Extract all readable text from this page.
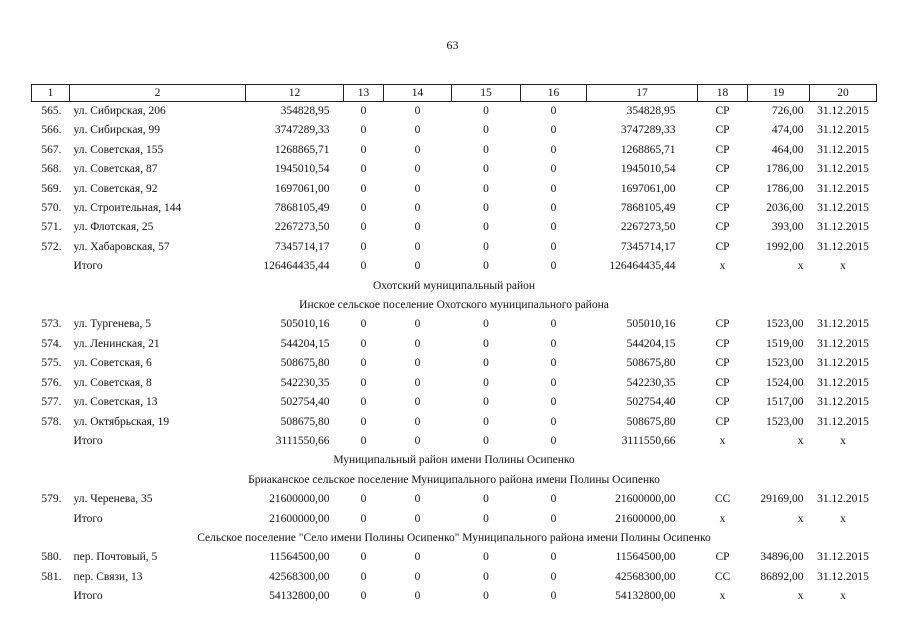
63
1	2	12	13	14	15	16	17	18	19	20
565.	ул. Сибирская, 206	354828,95	0	0	0	0	354828,95	СР	726,00	31.12.2015
566.	ул. Сибирская, 99	3747289,33	0	0	0	0	3747289,33	СР	474,00	31.12.2015
567.	ул. Советская, 155	1268865,71	0	0	0	0	1268865,71	СР	464,00	31.12.2015
568.	ул. Советская, 87	1945010,54	0	0	0	0	1945010,54	СР	1786,00	31.12.2015
569.	ул. Советская, 92	1697061,00	0	0	0	0	1697061,00	СР	1786,00	31.12.2015
570.	ул. Строительная, 144	7868105,49	0	0	0	0	7868105,49	СР	2036,00	31.12.2015
571.	ул. Флотская, 25	2267273,50	0	0	0	0	2267273,50	СР	393,00	31.12.2015
572.	ул. Хабаровская, 57	7345714,17	0	0	0	0	7345714,17	СР	1992,00	31.12.2015
	Итого	126464435,44	0	0	0	0	126464435,44	х	х	х
Охотский муниципальный район										
Инское сельское поселение Охотского муниципального района										
573.	ул. Тургенева, 5	505010,16	0	0	0	0	505010,16	СР	1523,00	31.12.2015
574.	ул. Ленинская, 21	544204,15	0	0	0	0	544204,15	СР	1519,00	31.12.2015
575.	ул. Советская, 6	508675,80	0	0	0	0	508675,80	СР	1523,00	31.12.2015
576.	ул. Советская, 8	542230,35	0	0	0	0	542230,35	СР	1524,00	31.12.2015
577.	ул. Советская, 13	502754,40	0	0	0	0	502754,40	СР	1517,00	31.12.2015
578.	ул. Октябрьская, 19	508675,80	0	0	0	0	508675,80	СР	1523,00	31.12.2015
	Итого	3111550,66	0	0	0	0	3111550,66	х	х	х
Муниципальный район имени Полины Осипенко										
Бриаканское сельское поселение Муниципального района имени Полины Осипенко										
579.	ул. Черенева, 35	21600000,00	0	0	0	0	21600000,00	СС	29169,00	31.12.2015
	Итого	21600000,00	0	0	0	0	21600000,00	х	х	х
Сельское поселение "Село имени Полины Осипенко" Муниципального района имени Полины Осипенко										
580.	пер. Почтовый, 5	11564500,00	0	0	0	0	11564500,00	СР	34896,00	31.12.2015
581.	пер. Связи, 13	42568300,00	0	0	0	0	42568300,00	СС	86892,00	31.12.2015
	Итого	54132800,00	0	0	0	0	54132800,00	х	х	х
